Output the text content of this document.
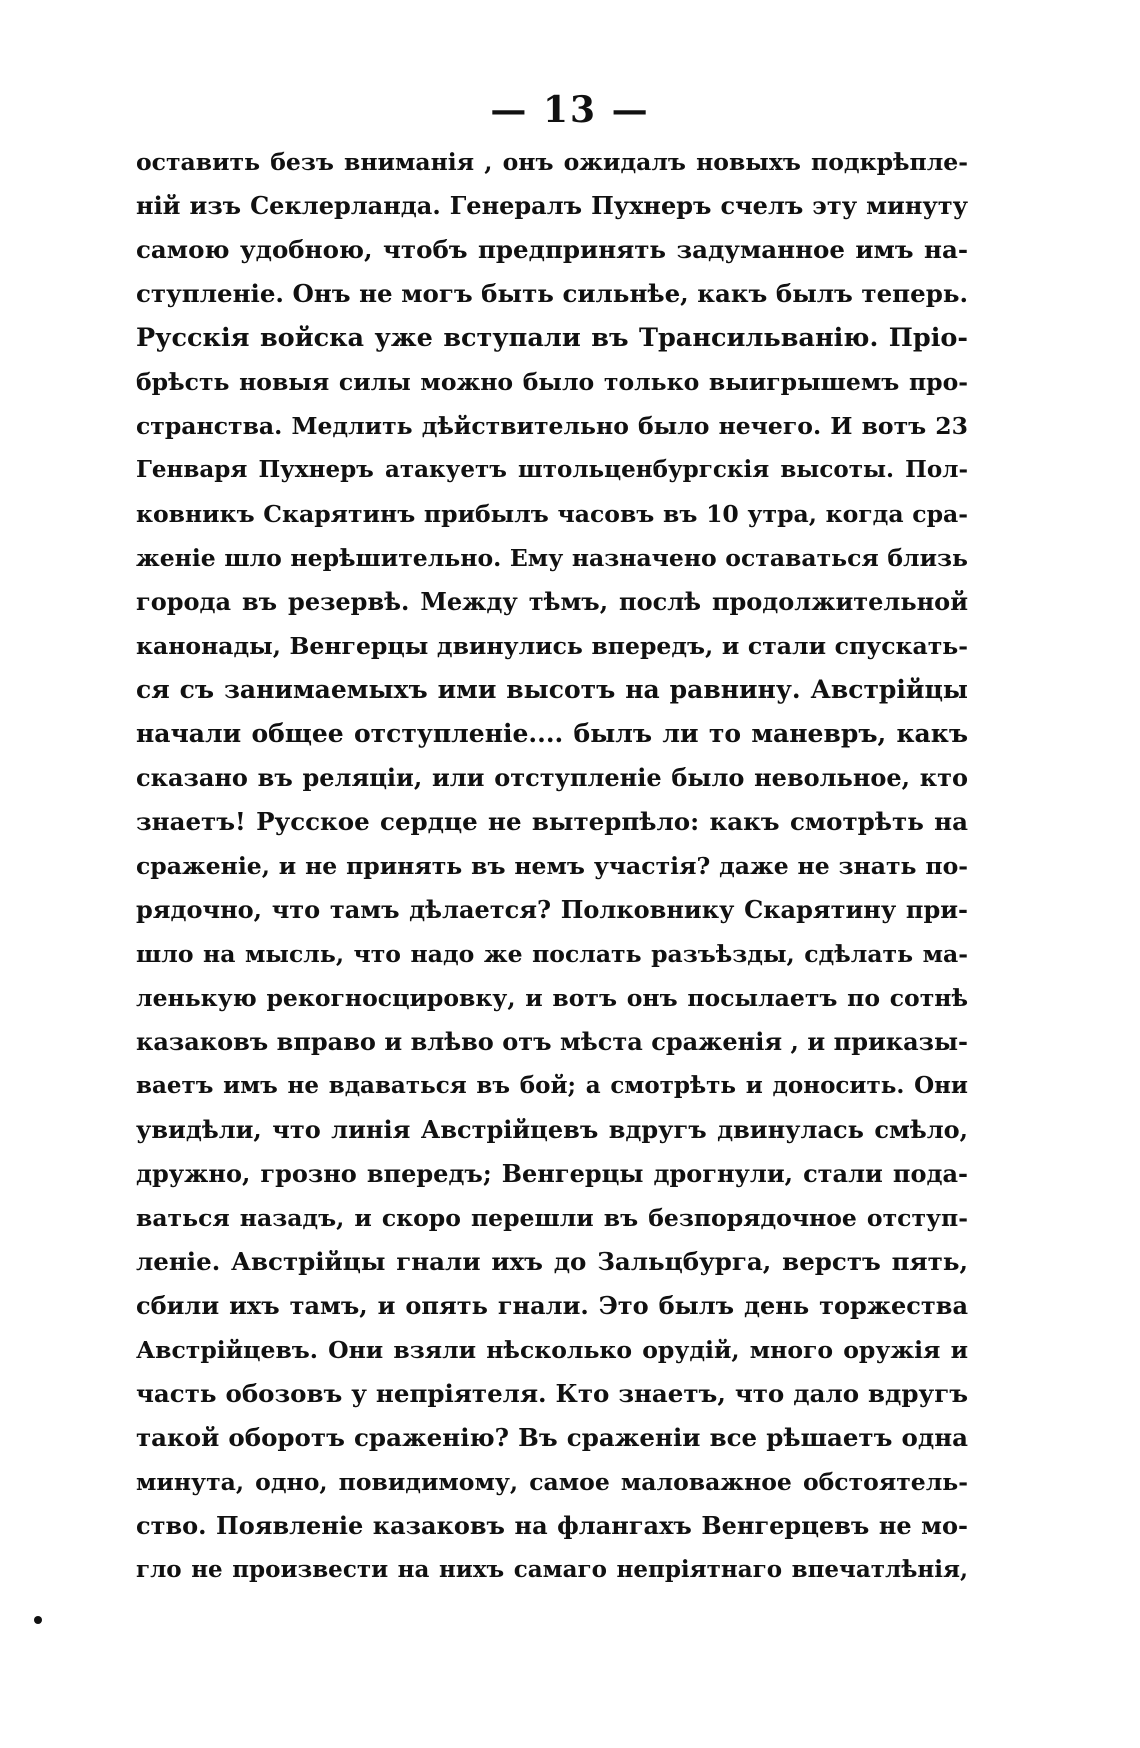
— 13 —
оставить безъ вниманія , онъ ожидалъ новыхъ подкрѣпле-
ній изъ Секлерланда. Генералъ Пухнеръ счелъ эту минуту
самою удобною, чтобъ предпринять задуманное имъ на-
ступленіе. Онъ не могъ быть сильнѣе, какъ былъ теперь.
Русскія войска уже вступали въ Трансильванію. Пріо-
брѣсть новыя силы можно было только выигрышемъ про-
странства. Медлить дѣйствительно было нечего. И вотъ 23
Генваря Пухнеръ атакуетъ штольценбургскія высоты. Пол-
ковникъ Скарятинъ прибылъ часовъ въ 10 утра, когда сра-
женіе шло нерѣшительно. Ему назначено оставаться близь
города въ резервѣ. Между тѣмъ, послѣ продолжительной
канонады, Венгерцы двинулись впередъ, и стали спускать-
ся съ занимаемыхъ ими высотъ на равнину. Австрійцы
начали общее отступленіе.... былъ ли то маневръ, какъ
сказано въ реляціи, или отступленіе было невольное, кто
знаетъ! Русское сердце не вытерпѣло: какъ смотрѣть на
сраженіе, и не принять въ немъ участія? даже не знать по-
рядочно, что тамъ дѣлается? Полковнику Скарятину при-
шло на мысль, что надо же послать разъѣзды, сдѣлать ма-
ленькую рекогносцировку, и вотъ онъ посылаетъ по сотнѣ
казаковъ вправо и влѣво отъ мѣста сраженія , и приказы-
ваетъ имъ не вдаваться въ бой; а смотрѣть и доносить. Они
увидѣли, что линія Австрійцевъ вдругъ двинулась смѣло,
дружно, грозно впередъ; Венгерцы дрогнули, стали пода-
ваться назадъ, и скоро перешли въ безпорядочное отступ-
леніе. Австрійцы гнали ихъ до Зальцбурга, верстъ пять,
сбили ихъ тамъ, и опять гнали. Это былъ день торжества
Австрійцевъ. Они взяли нѣсколько орудій, много оружія и
часть обозовъ у непріятеля. Кто знаетъ, что дало вдругъ
такой оборотъ сраженію? Въ сраженіи все рѣшаетъ одна
минута, одно, повидимому, самое маловажное обстоятель-
ство. Появленіе казаковъ на флангахъ Венгерцевъ не мо-
гло не произвести на нихъ самаго непріятнаго впечатлѣнія,
